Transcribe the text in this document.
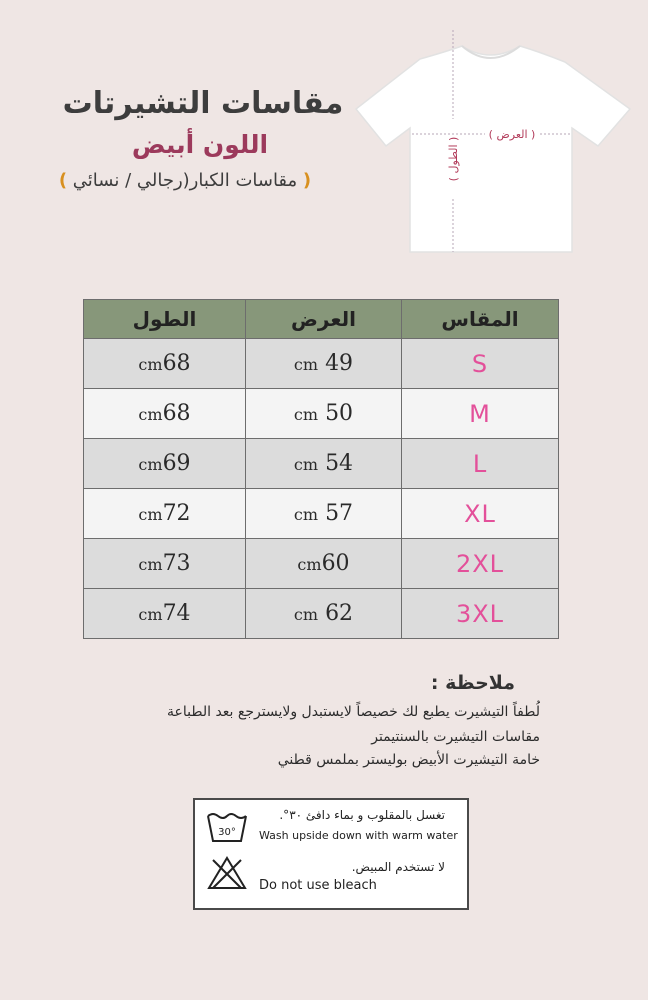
مقاسات التشيرتات
اللون أبيض
( مقاسات الكبار(رجالي / نسائي )
( العرض )
( الطول )
الطول	العرض	المقاس
cm68	cm 49	S
cm68	cm 50	M
cm69	cm 54	L
cm72	cm 57	XL
cm73	cm60	2XL
cm74	cm 62	3XL
ملاحظة :
لُطفاً التيشيرت يطبع لك خصيصاً لايستبدل ولايسترجع بعد الطباعة
مقاسات التيشيرت بالسنتيمتر
خامة التيشيرت الأبيض بوليستر بملمس قطني
30°
تغسل بالمقلوب و بماء دافئ ٣٠°.
Wash upside down with warm water
لا تستخدم المبيض.
Do not use bleach
